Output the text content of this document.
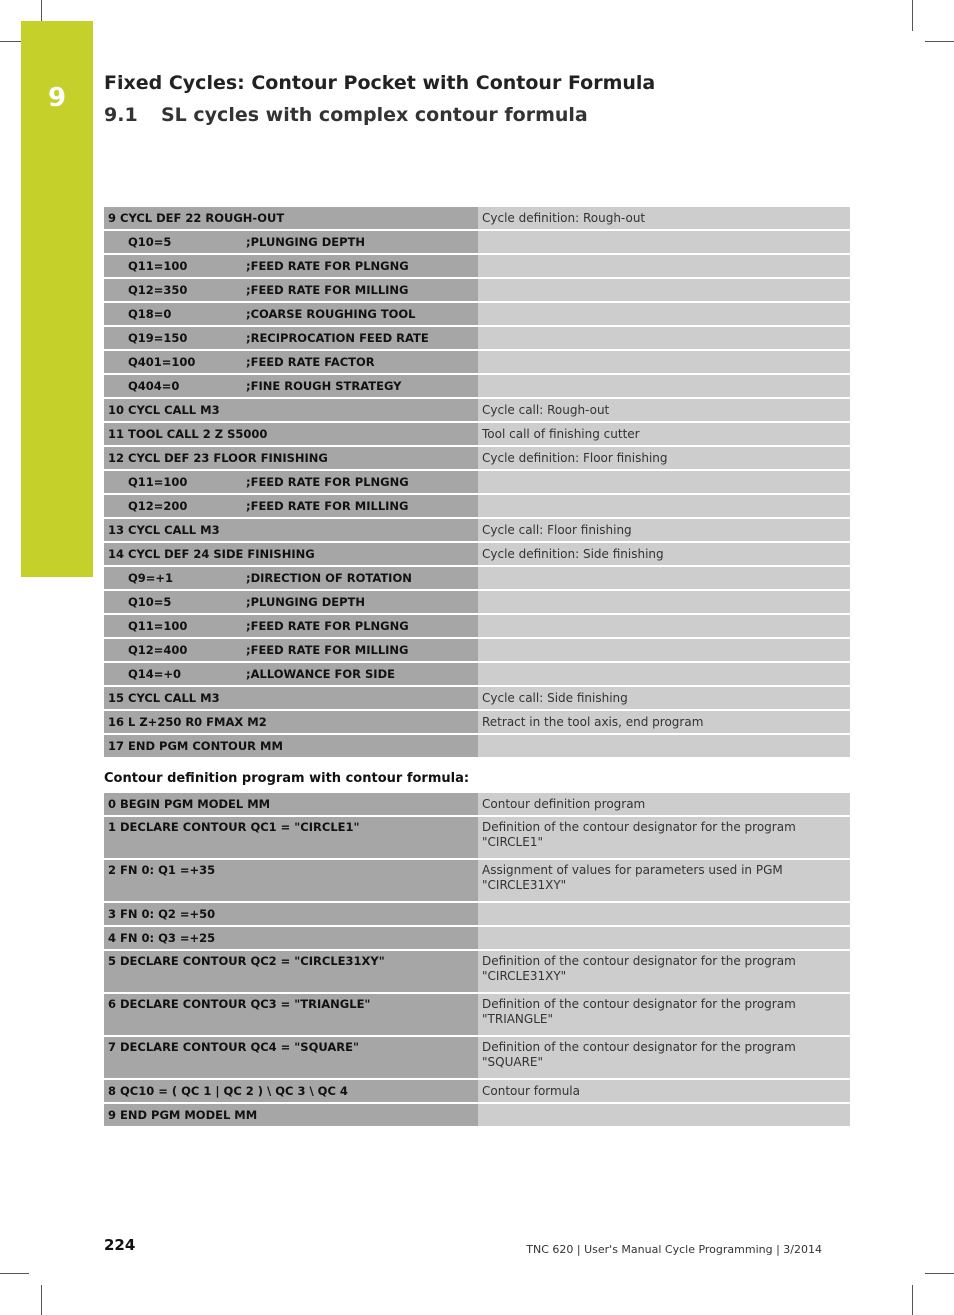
9	Fixed Cycles: Contour Pocket with Contour Formula
9.1 SL cycles with complex contour formula
9 CYCL DEF 22 ROUGH-OUT	Cycle definition: Rough-out
Q10=5 ;PLUNGING DEPTH	
Q11=100 ;FEED RATE FOR PLNGNG	
Q12=350 ;FEED RATE FOR MILLING	
Q18=0 ;COARSE ROUGHING TOOL	
Q19=150 ;RECIPROCATION FEED RATE	
Q401=100 ;FEED RATE FACTOR	
Q404=0 ;FINE ROUGH STRATEGY	
10 CYCL CALL M3	Cycle call: Rough-out
11 TOOL CALL 2 Z S5000	Tool call of finishing cutter
12 CYCL DEF 23 FLOOR FINISHING	Cycle definition: Floor finishing
Q11=100 ;FEED RATE FOR PLNGNG	
Q12=200 ;FEED RATE FOR MILLING	
13 CYCL CALL M3	Cycle call: Floor finishing
14 CYCL DEF 24 SIDE FINISHING	Cycle definition: Side finishing
Q9=+1 ;DIRECTION OF ROTATION	
Q10=5 ;PLUNGING DEPTH	
Q11=100 ;FEED RATE FOR PLNGNG	
Q12=400 ;FEED RATE FOR MILLING	
Q14=+0 ;ALLOWANCE FOR SIDE	
15 CYCL CALL M3	Cycle call: Side finishing
16 L Z+250 R0 FMAX M2	Retract in the tool axis, end program
17 END PGM CONTOUR MM	
Contour definition program with contour formula:
0 BEGIN PGM MODEL MM	Contour definition program
1 DECLARE CONTOUR QC1 = "CIRCLE1"	Definition of the contour designator for the program "CIRCLE1"
2 FN 0: Q1 =+35	Assignment of values for parameters used in PGM "CIRCLE31XY"
3 FN 0: Q2 =+50	
4 FN 0: Q3 =+25	
5 DECLARE CONTOUR QC2 = "CIRCLE31XY"	Definition of the contour designator for the program "CIRCLE31XY"
6 DECLARE CONTOUR QC3 = "TRIANGLE"	Definition of the contour designator for the program "TRIANGLE"
7 DECLARE CONTOUR QC4 = "SQUARE"	Definition of the contour designator for the program "SQUARE"
8 QC10 = ( QC 1 | QC 2 ) \ QC 3 \ QC 4	Contour formula
9 END PGM MODEL MM	
224	TNC 620 | User's Manual Cycle Programming | 3/2014
